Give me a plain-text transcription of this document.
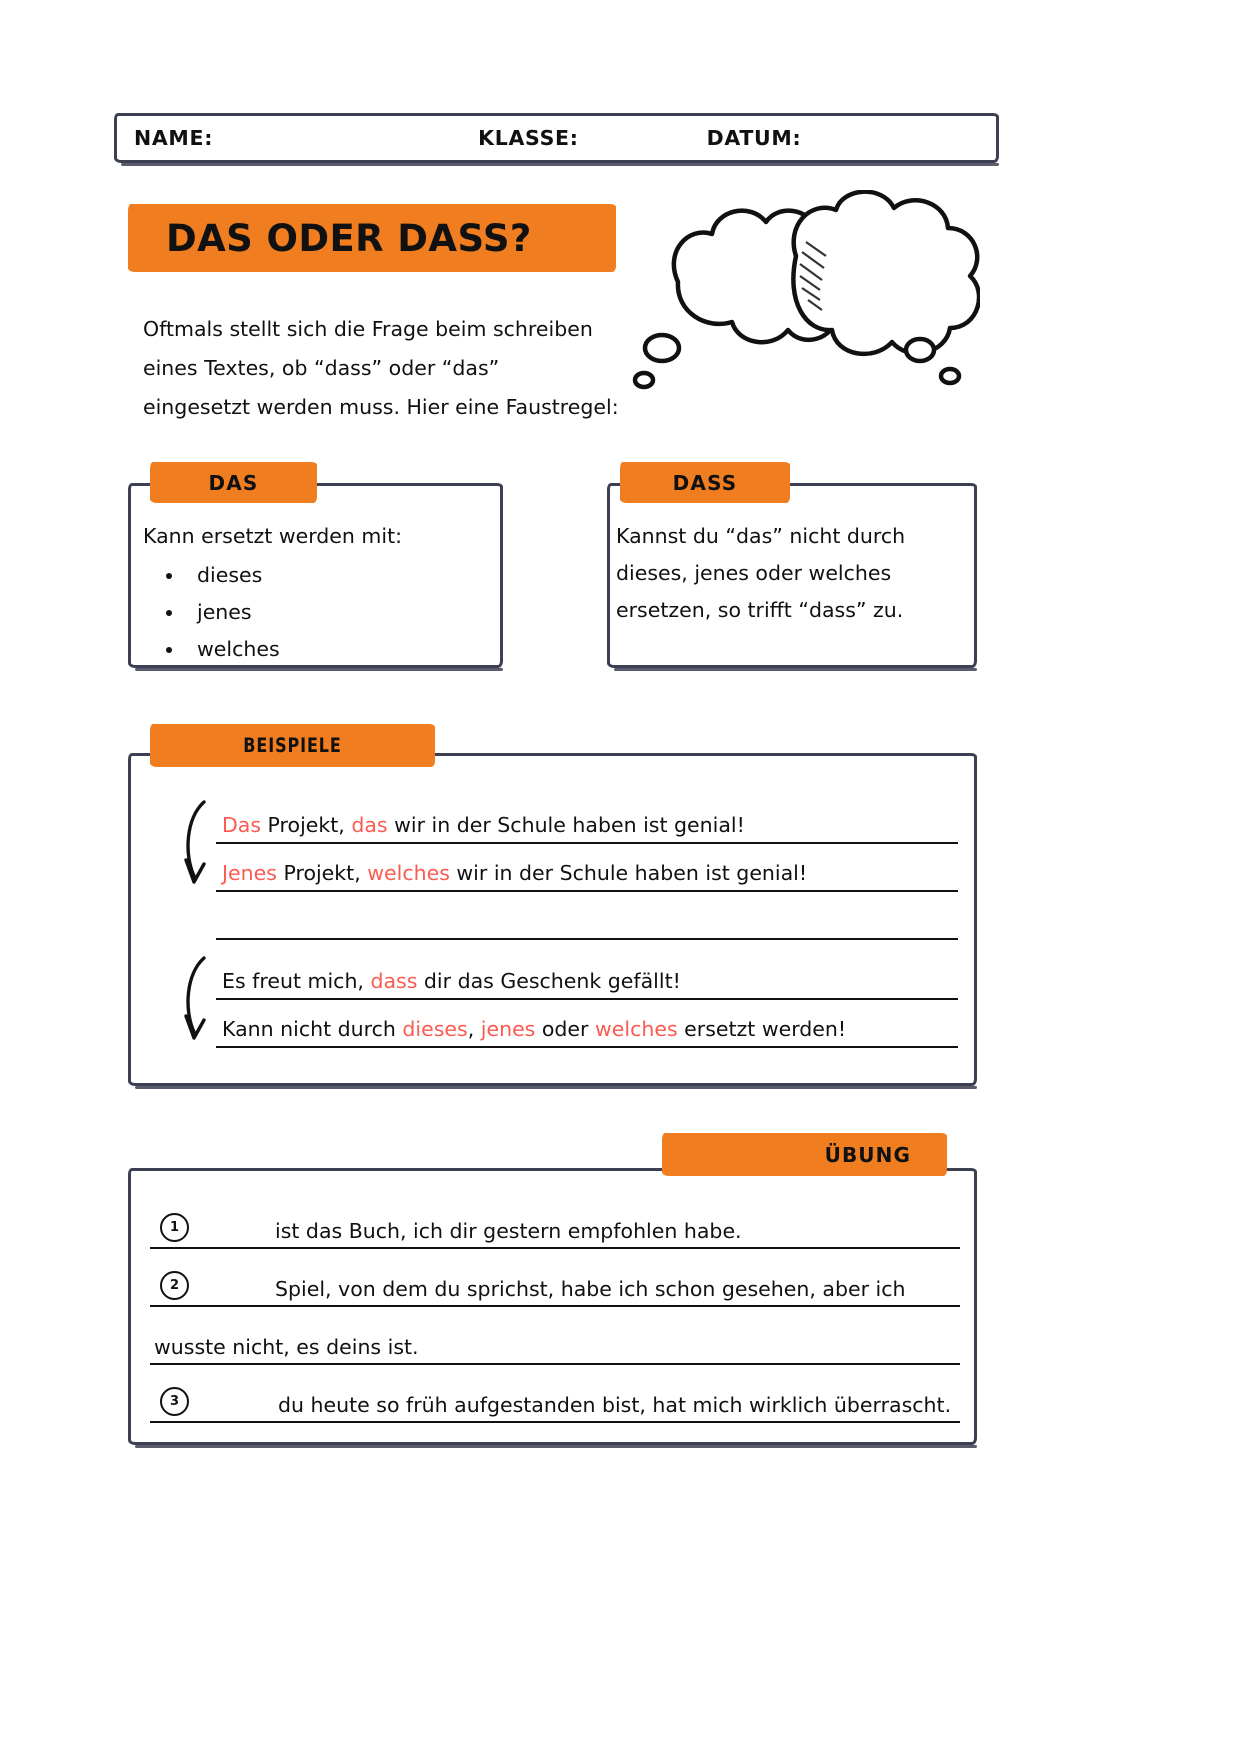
NAME:	KLASSE:	DATUM:
DAS ODER DASS?
Oftmals stellt sich die Frage beim schreiben
eines Textes, ob “dass” oder “das”
eingesetzt werden muss. Hier eine Faustregel:
DAS
Kann ersetzt werden mit:
• dieses
• jenes
• welches
DASS
Kannst du “das” nicht durch
dieses, jenes oder welches
ersetzen, so trifft “dass” zu.
BEISPIELE
Das Projekt, das wir in der Schule haben ist genial!
Jenes Projekt, welches wir in der Schule haben ist genial!
Es freut mich, dass dir das Geschenk gefällt!
Kann nicht durch dieses, jenes oder welches ersetzt werden!
ÜBUNG
1	ist das Buch, ich dir gestern empfohlen habe.
2	Spiel, von dem du sprichst, habe ich schon gesehen, aber ich
wusste nicht, es deins ist.
3	du heute so früh aufgestanden bist, hat mich wirklich überrascht.
